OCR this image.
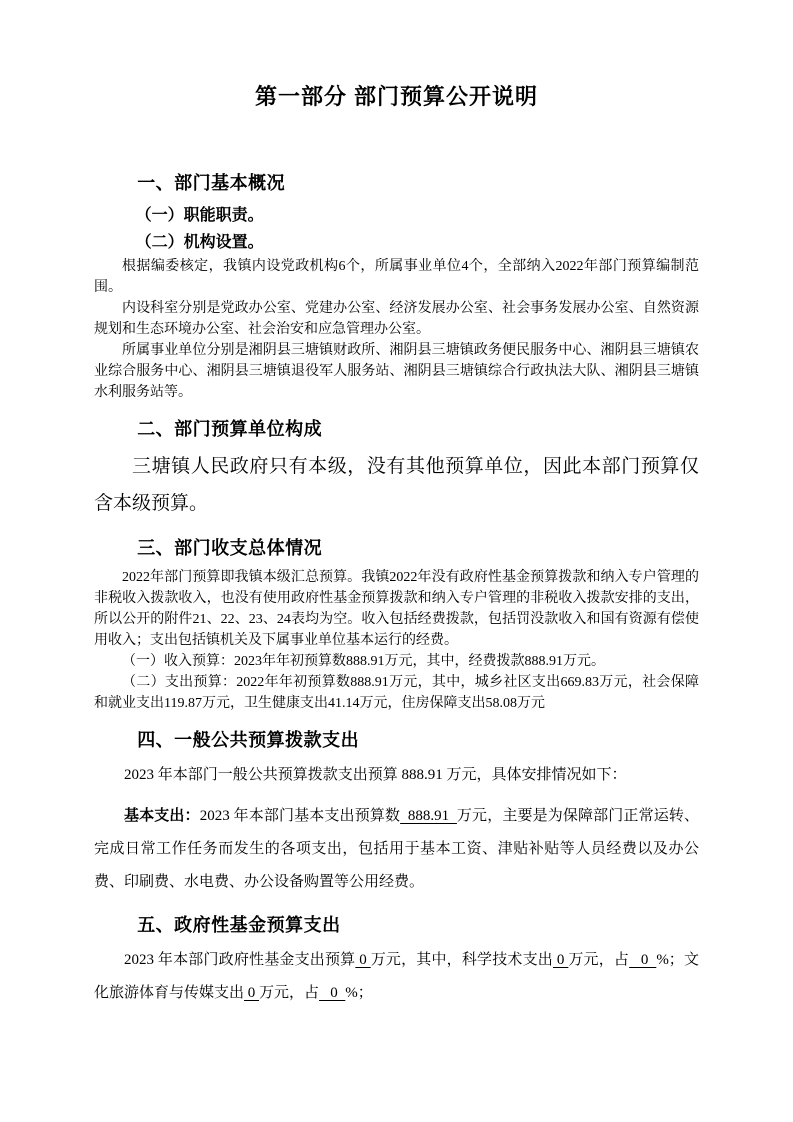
第一部分 部门预算公开说明
一、部门基本概况
（一）职能职责。
（二）机构设置。

根据编委核定，我镇内设党政机构6个，所属事业单位4个，全部纳入2022年部门预算编制范围。

内设科室分别是党政办公室、党建办公室、经济发展办公室、社会事务发展办公室、自然资源规划和生态环境办公室、社会治安和应急管理办公室。

所属事业单位分别是湘阴县三塘镇财政所、湘阴县三塘镇政务便民服务中心、湘阴县三塘镇农业综合服务中心、湘阴县三塘镇退役军人服务站、湘阴县三塘镇综合行政执法大队、湘阴县三塘镇水利服务站等。

二、部门预算单位构成

三塘镇人民政府只有本级，没有其他预算单位，因此本部门预算仅含本级预算。

三、部门收支总体情况

2022年部门预算即我镇本级汇总预算。我镇2022年没有政府性基金预算拨款和纳入专户管理的非税收入拨款收入，也没有使用政府性基金预算拨款和纳入专户管理的非税收入拨款安排的支出，所以公开的附件21、22、23、24表均为空。收入包括经费拨款，包括罚没款收入和国有资源有偿使用收入；支出包括镇机关及下属事业单位基本运行的经费。

（一）收入预算：2023年年初预算数888.91万元，其中，经费拨款888.91万元。

（二）支出预算：2022年年初预算数888.91万元，其中，城乡社区支出669.83万元，社会保障和就业支出119.87万元，卫生健康支出41.14万元，住房保障支出58.08万元

四、一般公共预算拨款支出

2023 年本部门一般公共预算拨款支出预算 888.91 万元，具体安排情况如下：

基本支出：2023 年本部门基本支出预算数  888.91  万元，主要是为保障部门正常运转、完成日常工作任务而发生的各项支出，包括用于基本工资、津贴补贴等人员经费以及办公费、印刷费、水电费、办公设备购置等公用经费。

五、政府性基金预算支出

2023 年本部门政府性基金支出预算 0 万元，其中，科学技术支出 0 万元，占   0  %；文化旅游体育与传媒支出 0 万元，占   0  %；
